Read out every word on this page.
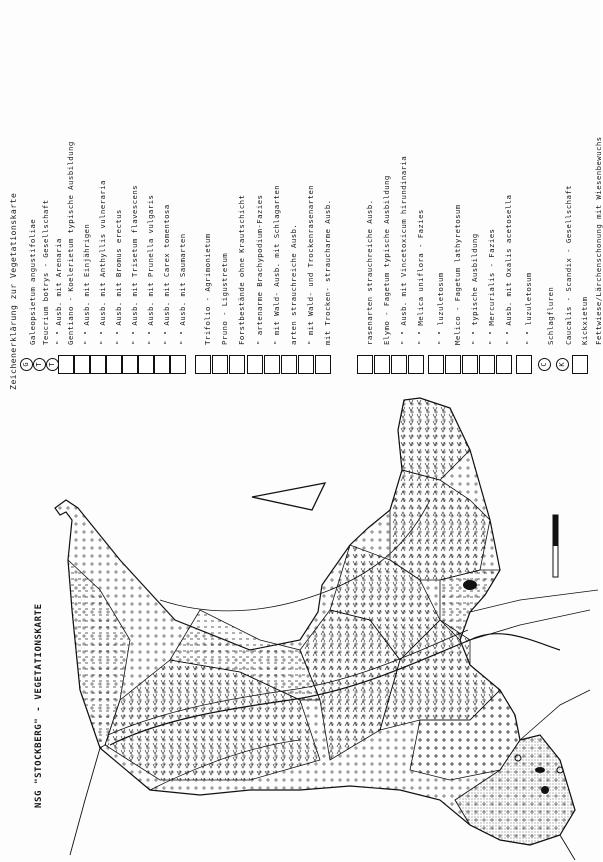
NSG "STOCKBERG" - VEGETATIONSKARTE
Zeichenerklärung zur Vegetationskarte G T T	C	K
Galeopsietum angustifoliae Teucrium botrys - Gesellschaft " " Ausb. mit Arenaria Gentiano - Koelerietum typische Ausbildung " " Ausb. mit Einjährigen " " Ausb. mit Anthyllis vulneraria " " Ausb. mit Bromus erectus " " Ausb. mit Trisetum flavescens " " Ausb. mit Prunella vulgaris " " Ausb. mit Carex tomentosa " " Ausb. mit Saumarten Trifolio - Agrimonietum Pruno - Ligustretum Forstbestände ohne Krautschicht " artenarme Brachypodium-Fazies " mit Wald- Ausb. mit Schlagarten arten strauchreiche Ausb. " mit Wald- und Trockenrasenarten mit Trocken- straucharme Ausb.	rasenarten strauchreiche Ausb. Elymo - Fagetum typische Ausbildung " " Ausb. mit Vincetoxicum hirundinaria " " Melica uniflora - Fazies " " luzuletosum Melico - Fagetum lathyretosum " " typische Ausbildung " " Mercurialis - Fazies " " Ausb. mit Oxalis acetosella " " luzuletosum Schlagfluren Caucalis - Scandix - Gesellschaft Kickxietum Fettwiese/Lärchenschonung mit Wiesenbewuchs
